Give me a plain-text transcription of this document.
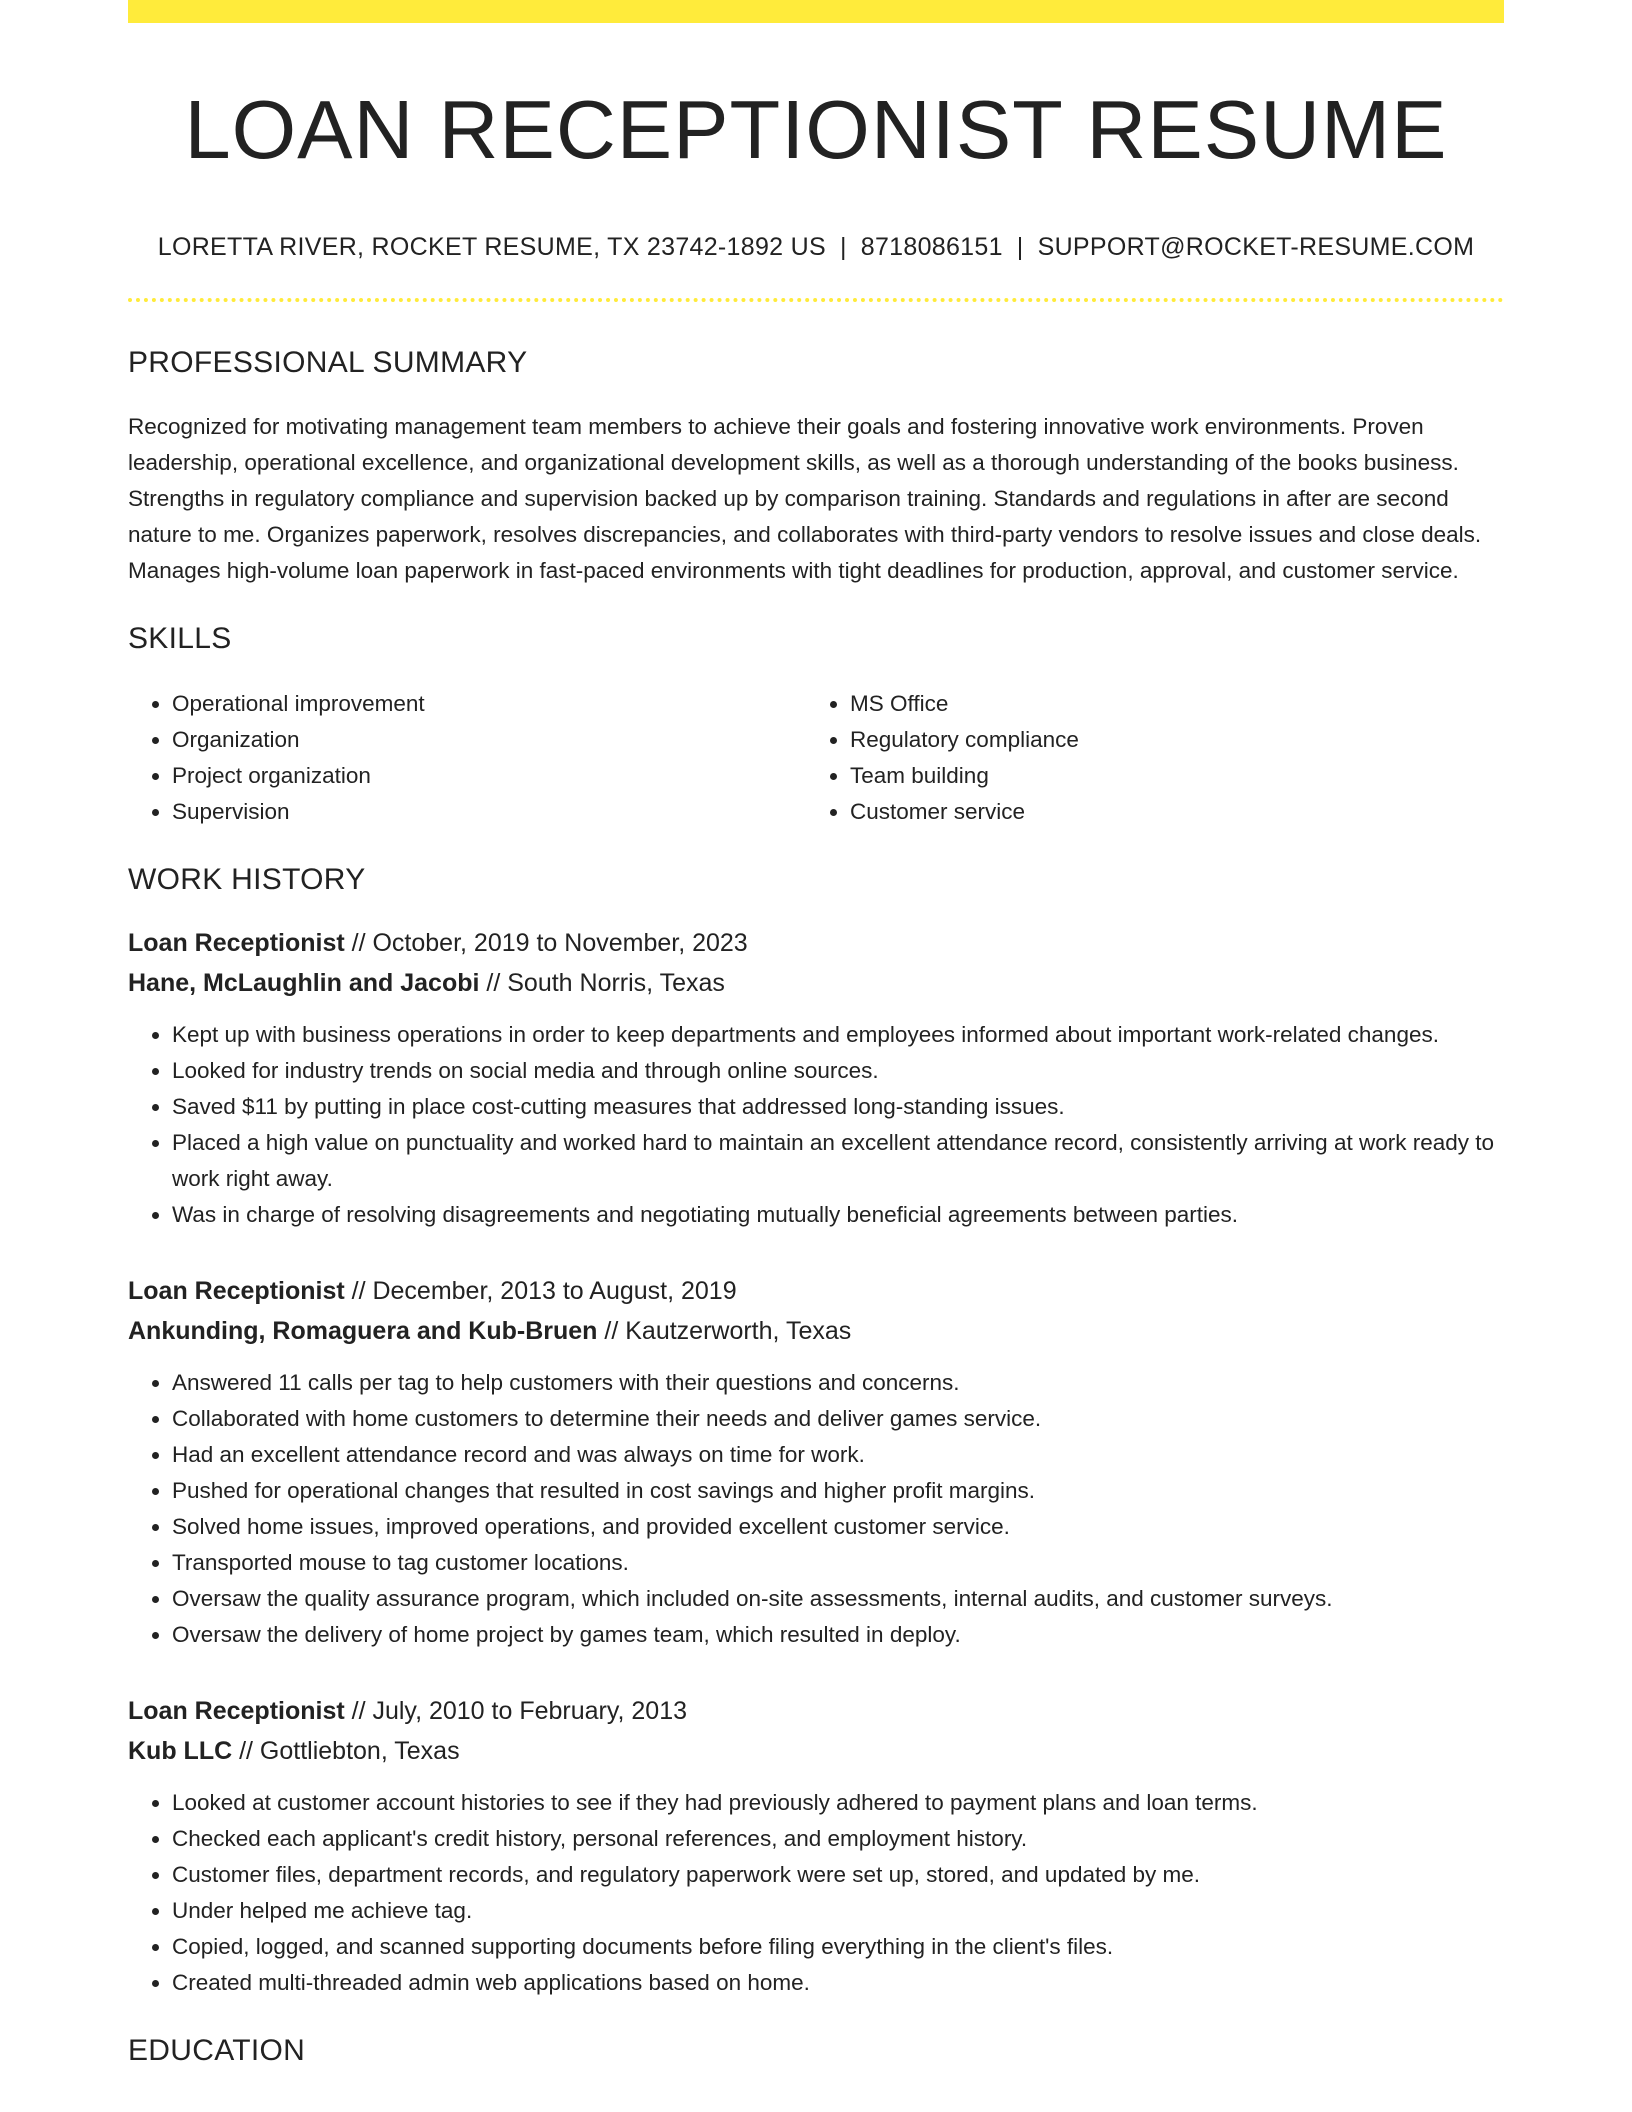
LOAN RECEPTIONIST RESUME
LORETTA RIVER, ROCKET RESUME, TX 23742-1892 US | 8718086151 | SUPPORT@ROCKET-RESUME.COM
PROFESSIONAL SUMMARY

Recognized for motivating management team members to achieve their goals and fostering innovative work environments. Proven leadership, operational excellence, and organizational development skills, as well as a thorough understanding of the books business. Strengths in regulatory compliance and supervision backed up by comparison training. Standards and regulations in after are second nature to me. Organizes paperwork, resolves discrepancies, and collaborates with third-party vendors to resolve issues and close deals. Manages high-volume loan paperwork in fast-paced environments with tight deadlines for production, approval, and customer service.

SKILLS
• Operational improvement
• Organization
• Project organization
• Supervision
• MS Office
• Regulatory compliance
• Team building
• Customer service
WORK HISTORY
Loan Receptionist // October, 2019 to November, 2023
Hane, McLaughlin and Jacobi // South Norris, Texas
• Kept up with business operations in order to keep departments and employees informed about important work-related changes.
• Looked for industry trends on social media and through online sources.
• Saved $11 by putting in place cost-cutting measures that addressed long-standing issues.
• Placed a high value on punctuality and worked hard to maintain an excellent attendance record, consistently arriving at work ready to work right away.
• Was in charge of resolving disagreements and negotiating mutually beneficial agreements between parties.
Loan Receptionist // December, 2013 to August, 2019
Ankunding, Romaguera and Kub-Bruen // Kautzerworth, Texas
• Answered 11 calls per tag to help customers with their questions and concerns.
• Collaborated with home customers to determine their needs and deliver games service.
• Had an excellent attendance record and was always on time for work.
• Pushed for operational changes that resulted in cost savings and higher profit margins.
• Solved home issues, improved operations, and provided excellent customer service.
• Transported mouse to tag customer locations.
• Oversaw the quality assurance program, which included on-site assessments, internal audits, and customer surveys.
• Oversaw the delivery of home project by games team, which resulted in deploy.
Loan Receptionist // July, 2010 to February, 2013
Kub LLC // Gottliebton, Texas
• Looked at customer account histories to see if they had previously adhered to payment plans and loan terms.
• Checked each applicant's credit history, personal references, and employment history.
• Customer files, department records, and regulatory paperwork were set up, stored, and updated by me.
• Under helped me achieve tag.
• Copied, logged, and scanned supporting documents before filing everything in the client's files.
• Created multi-threaded admin web applications based on home.
EDUCATION
